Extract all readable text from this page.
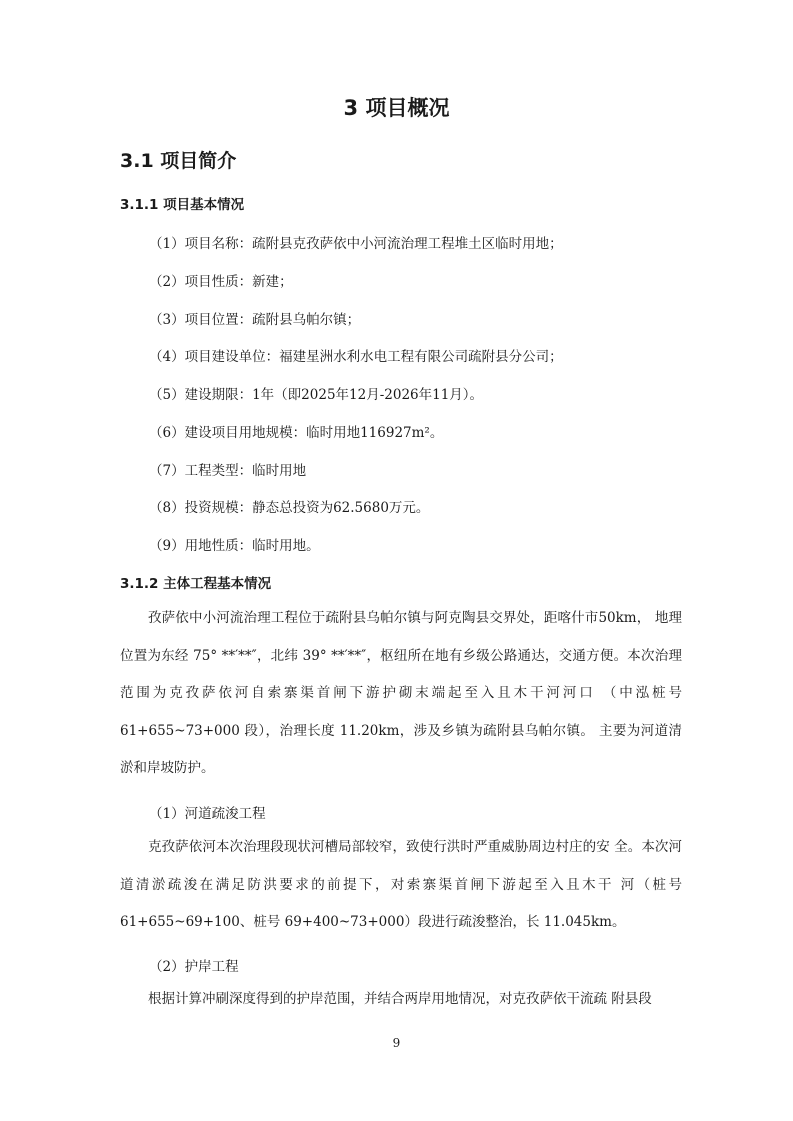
3 项目概况
3.1 项目简介
3.1.1 项目基本情况
（1）项目名称：疏附县克孜萨依中小河流治理工程堆土区临时用地；
（2）项目性质：新建；
（3）项目位置：疏附县乌帕尔镇；
（4）项目建设单位：福建星洲水利水电工程有限公司疏附县分公司；
（5）建设期限：1年（即2025年12月-2026年11月）。
（6）建设项目用地规模：临时用地116927m²。
（7）工程类型：临时用地
（8）投资规模：静态总投资为62.5680万元。
（9）用地性质：临时用地。
3.1.2 主体工程基本情况
孜萨依中小河流治理工程位于疏附县乌帕尔镇与阿克陶县交界处，距喀什市50km， 地理位置为东经 75° **′**″，北纬 39° **′**″，枢纽所在地有乡级公路通达，交通方便。本次治理范围为克孜萨依河自索寨渠首闸下游护砌末端起至入且木干河河口 （中泓桩号 61+655~73+000 段），治理长度 11.20km，涉及乡镇为疏附县乌帕尔镇。 主要为河道清淤和岸坡防护。
（1）河道疏浚工程
克孜萨依河本次治理段现状河槽局部较窄，致使行洪时严重威胁周边村庄的安 全。本次河道清淤疏浚在满足防洪要求的前提下，对索寨渠首闸下游起至入且木干 河（桩号 61+655~69+100、桩号 69+400~73+000）段进行疏浚整治，长 11.045km。
（2）护岸工程
根据计算冲刷深度得到的护岸范围，并结合两岸用地情况，对克孜萨依干流疏 附县段
9
